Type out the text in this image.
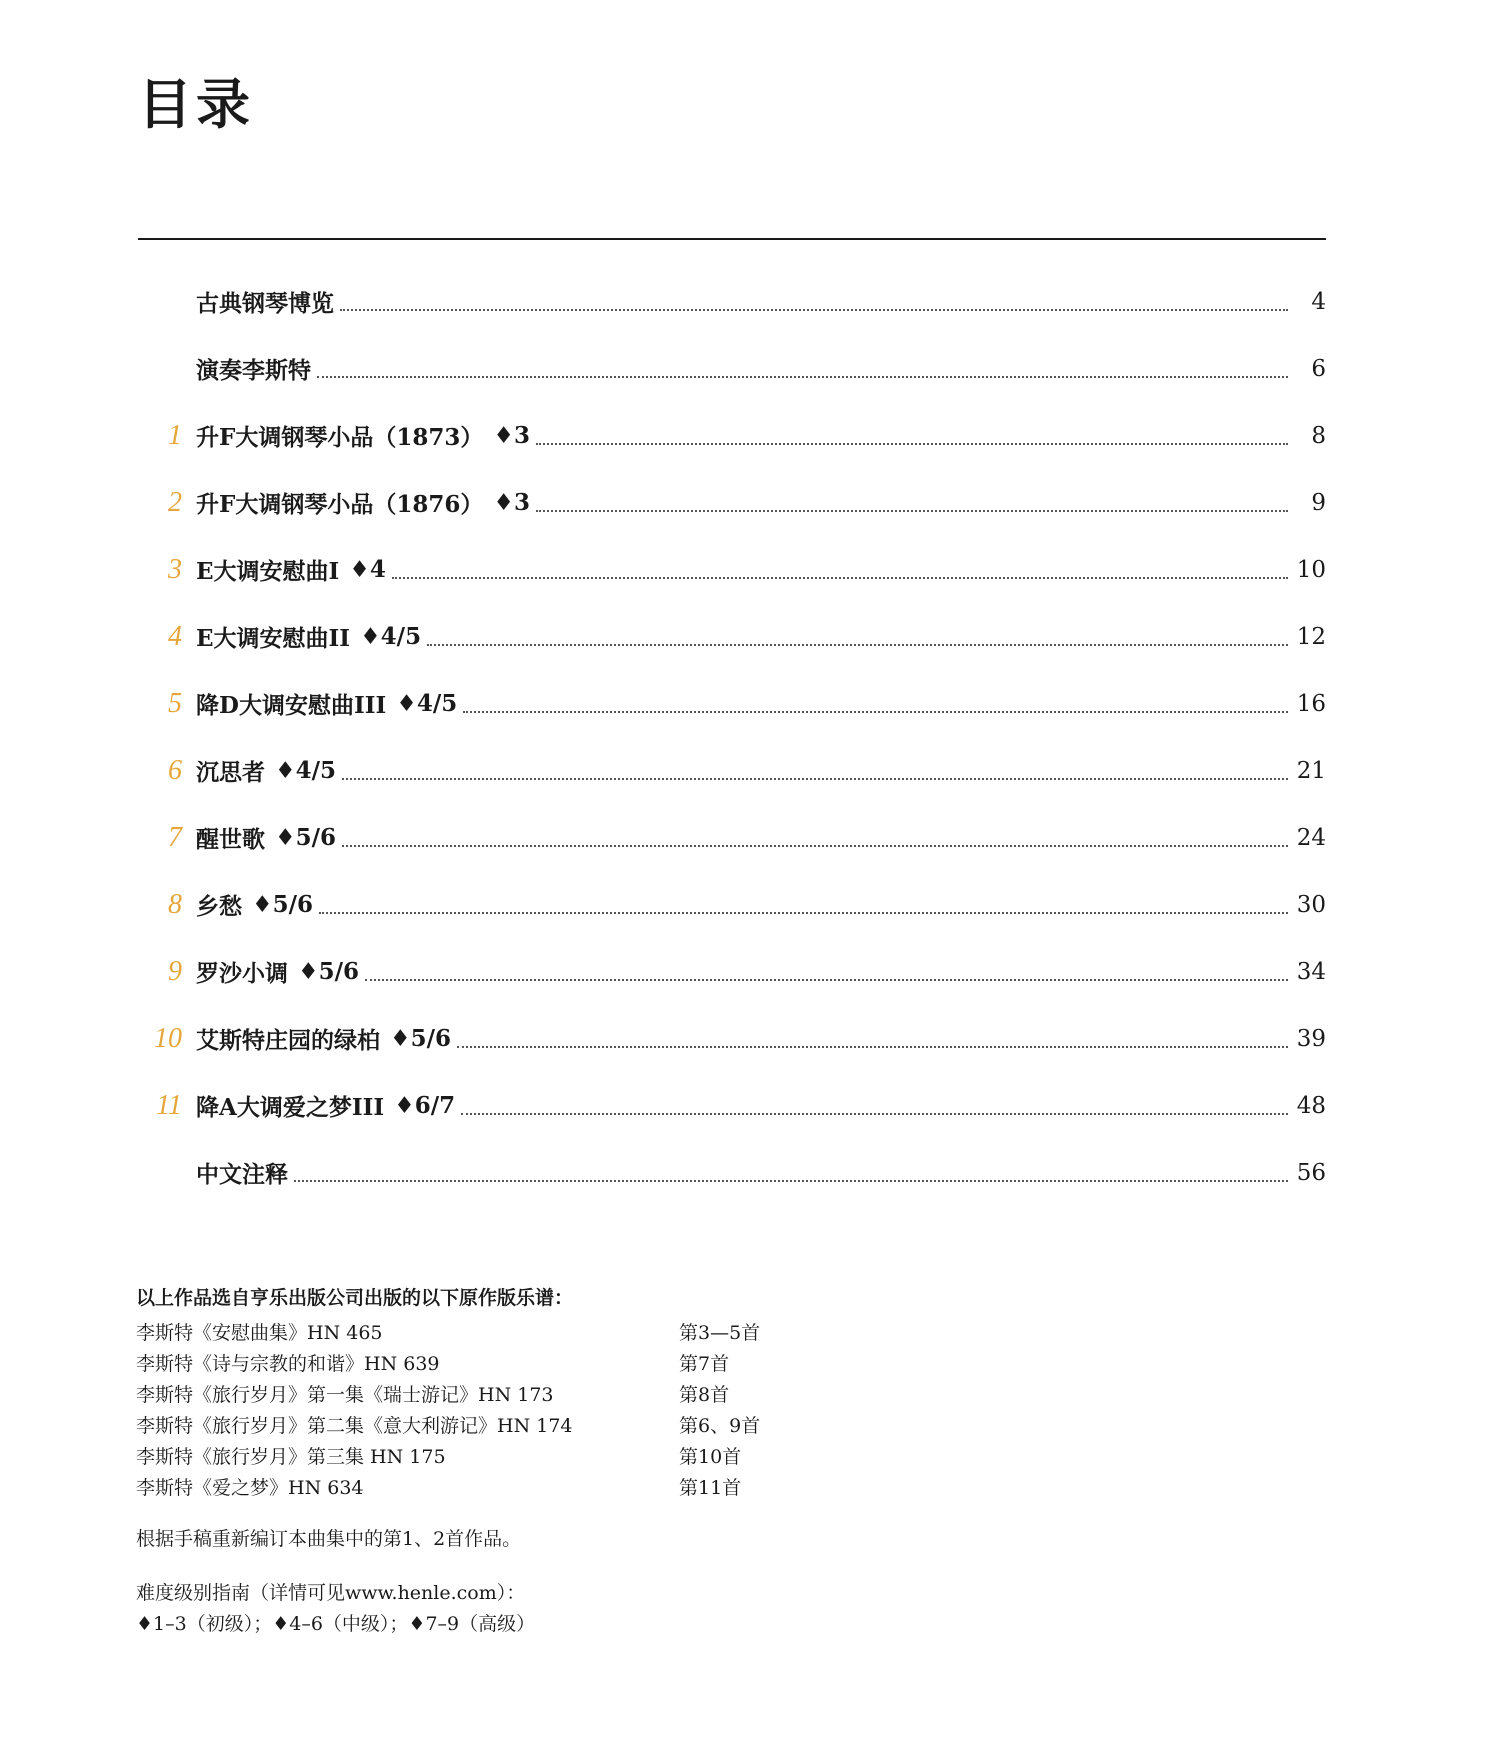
目录
古典钢琴博览	4
演奏李斯特	6
1 升F大调钢琴小品（1873） ♦3	8
2 升F大调钢琴小品（1876） ♦3	9
3 E大调安慰曲I ♦4	10
4 E大调安慰曲II ♦4/5	12
5 降D大调安慰曲III ♦4/5	16
6 沉思者 ♦4/5	21
7 醒世歌 ♦5/6	24
8 乡愁 ♦5/6	30
9 罗沙小调 ♦5/6	34
10 艾斯特庄园的绿柏 ♦5/6	39
11 降A大调爱之梦III ♦6/7	48
中文注释	56

以上作品选自亨乐出版公司出版的以下原作版乐谱：

李斯特《安慰曲集》HN 465	第3—5首
李斯特《诗与宗教的和谐》HN 639	第7首
李斯特《旅行岁月》第一集《瑞士游记》HN 173	第8首
李斯特《旅行岁月》第二集《意大利游记》HN 174	第6、9首
李斯特《旅行岁月》第三集 HN 175	第10首
李斯特《爱之梦》HN 634	第11首

根据手稿重新编订本曲集中的第1、2首作品。

难度级别指南（详情可见www.henle.com）：
♦1–3（初级）；♦4–6（中级）；♦7–9（高级）
